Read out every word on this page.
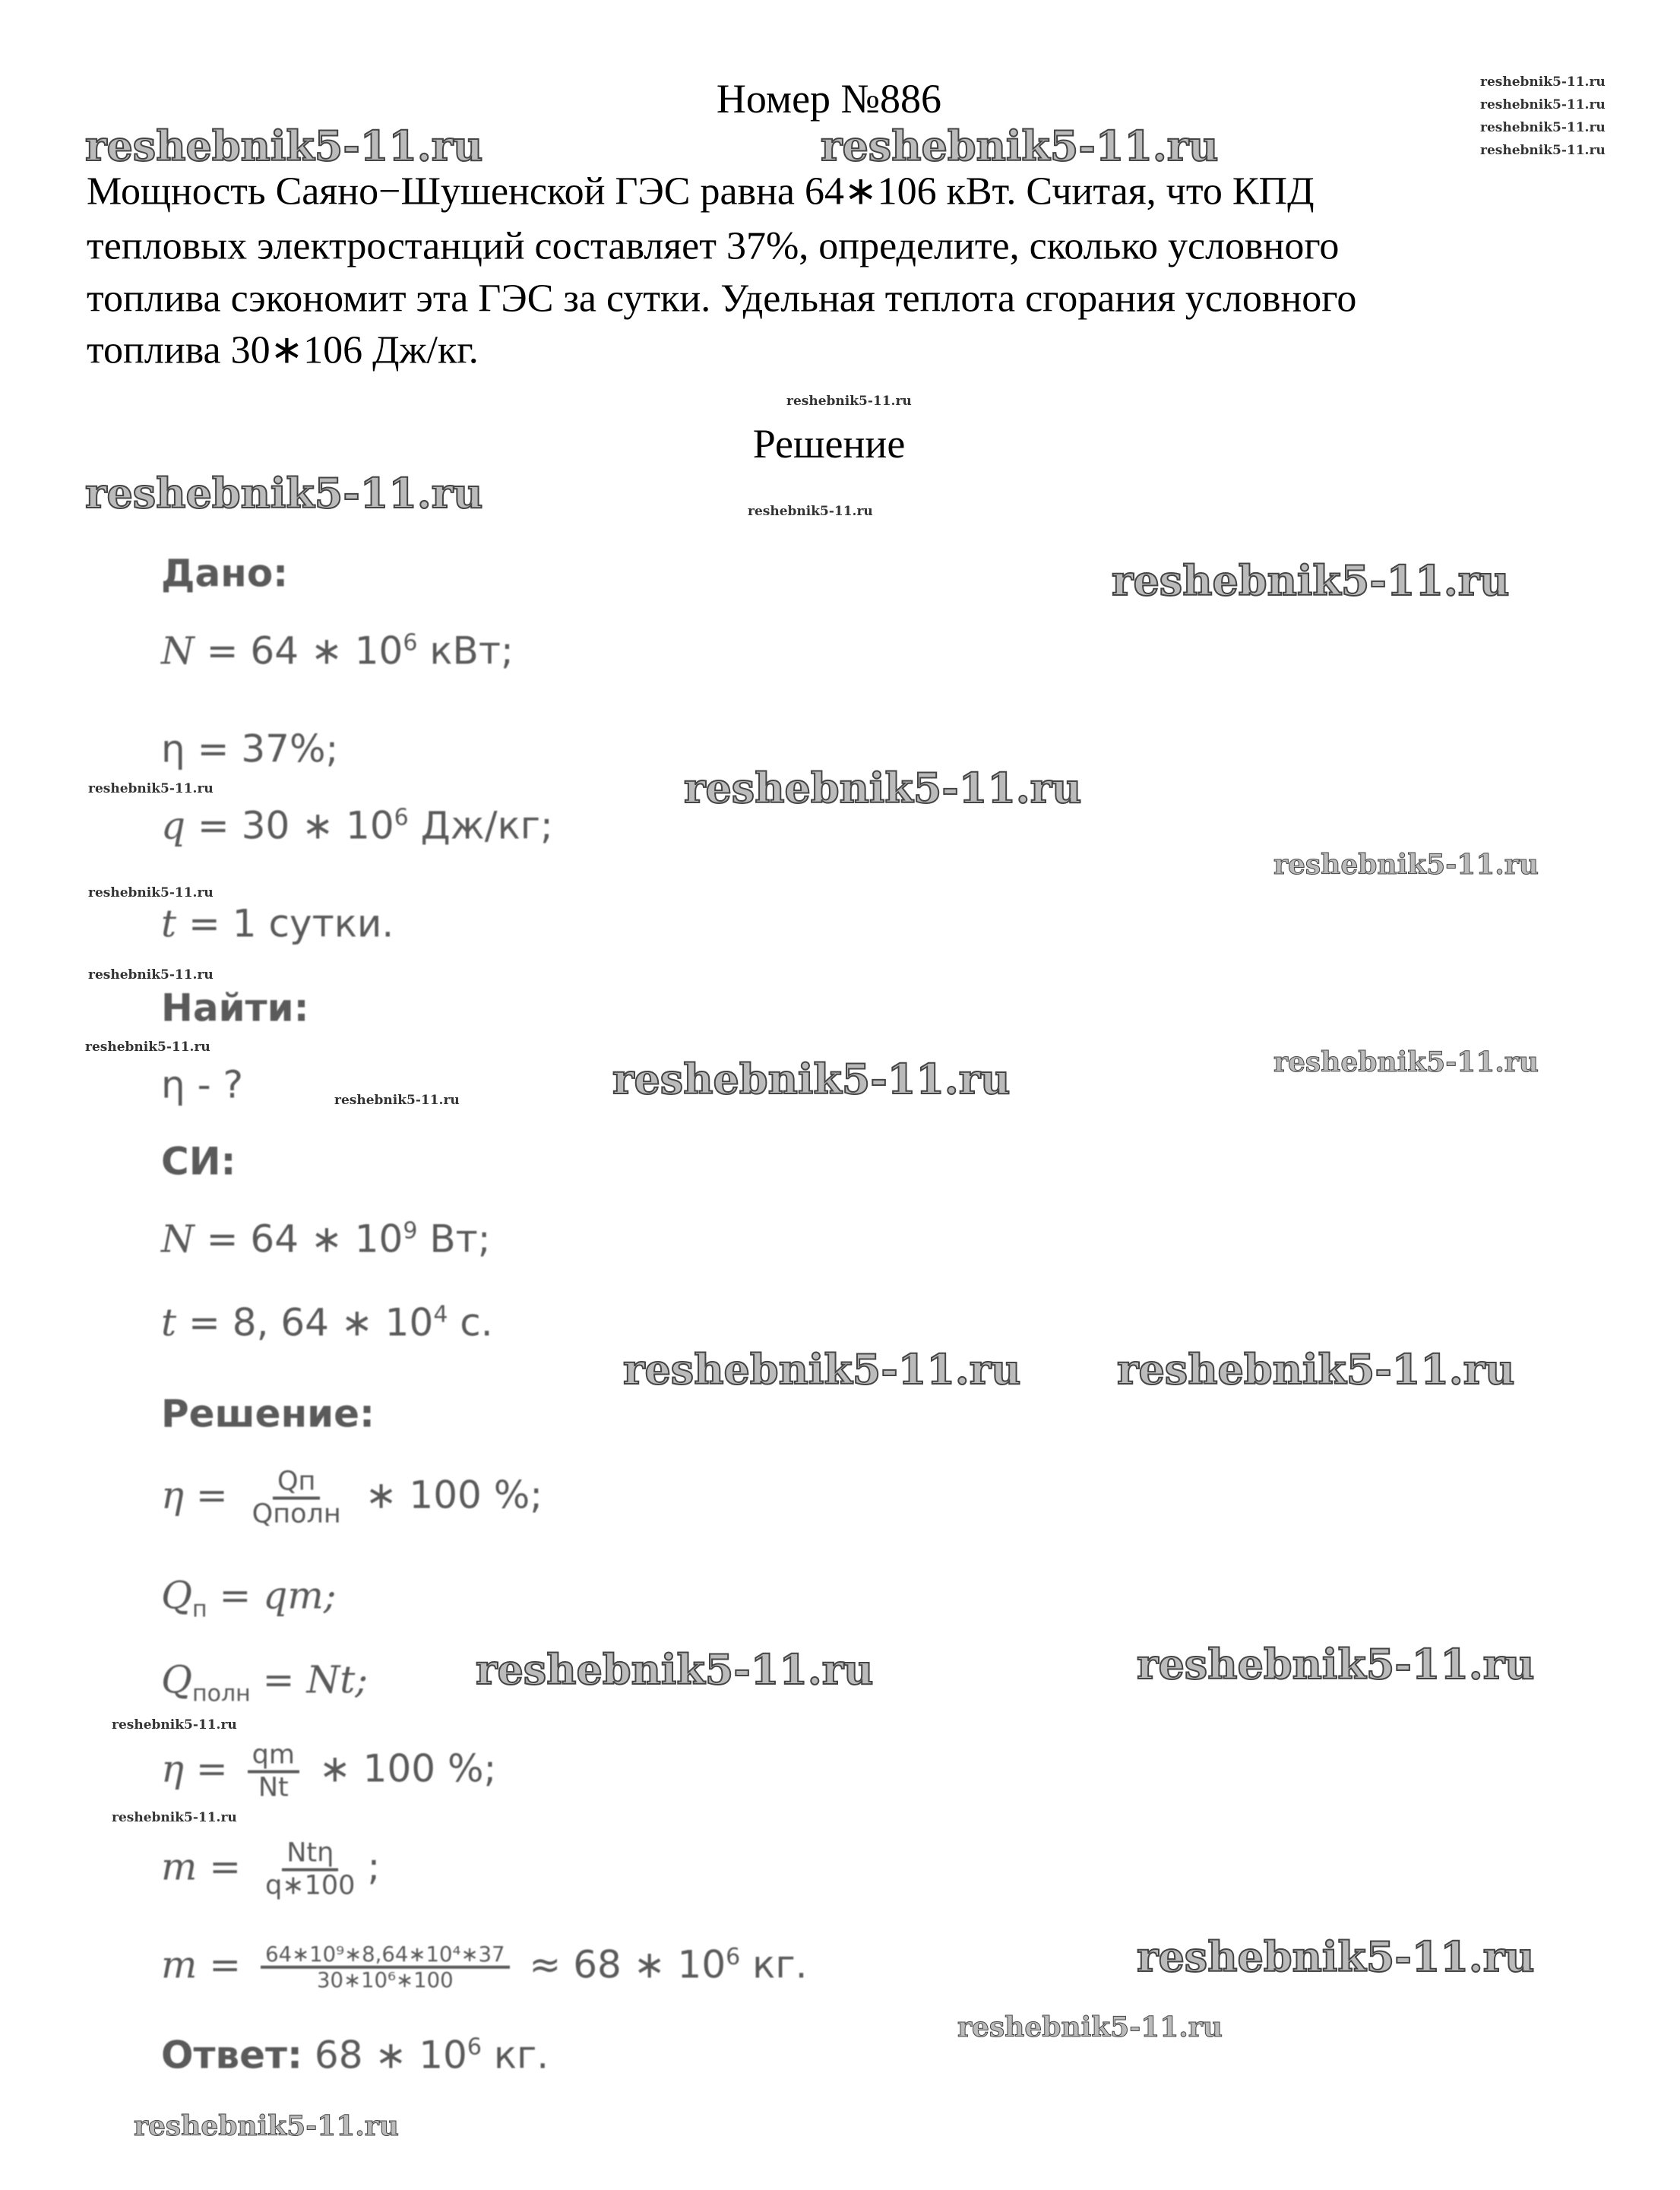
Номер №886
Мощность Саяно−Шушенской ГЭС равна 64∗106 кВт. Считая, что КПД
тепловых электростанций составляет 37%, определите, сколько условного
топлива сэкономит эта ГЭС за сутки. Удельная теплота сгорания условного
топлива 30∗106 Дж/кг.
Решение
Дано:
N = 64 ∗ $10^6$ кВт;
η = 37%;
q = 30 ∗ $10^6$ Дж/кг;
t = 1 сутки.
Найти:
η - ?
СИ:
N = 64 ∗ $10^9$ Вт;
t = 8, 64 ∗ $10^4$ с.
Решение:
$\eta = \frac{Qп}{\text{Qполн}}$ ∗ 100 %;
$Q_п$ = qm;
$Q_{полн} = Nt$;
$\eta = \frac{qm}{Nt}$ ∗ 100 %;
$m = \frac{\text{Ntη}}{q∗100}$ ;
$m = \frac{\text{64∗10⁹∗8,64∗10⁴∗37}}{\text{30∗10⁶∗100}} \approx 68$ ∗ $10^6$ кг.
Ответ: 68 ∗ $10^6$ кг.
reshebnik5-11.ru	reshebnik5-11.ru
reshebnik5-11.ru
reshebnik5-11.ru
reshebnik5-11.ru
reshebnik5-11.ru
reshebnik5-11.ru reshebnik5-11.ru
reshebnik5-11.ru	reshebnik5-11.ru
reshebnik5-11.ru
reshebnik5-11.ru
reshebnik5-11.ru
reshebnik5-11.ru
reshebnik5-11.ru
reshebnik5-11.ru
reshebnik5-11.ru
reshebnik5-11.ru
reshebnik5-11.ru
reshebnik5-11.ru
reshebnik5-11.ru
reshebnik5-11.ru
reshebnik5-11.ru
reshebnik5-11.ru
reshebnik5-11.ru
reshebnik5-11.ru
reshebnik5-11.ru
reshebnik5-11.ru
